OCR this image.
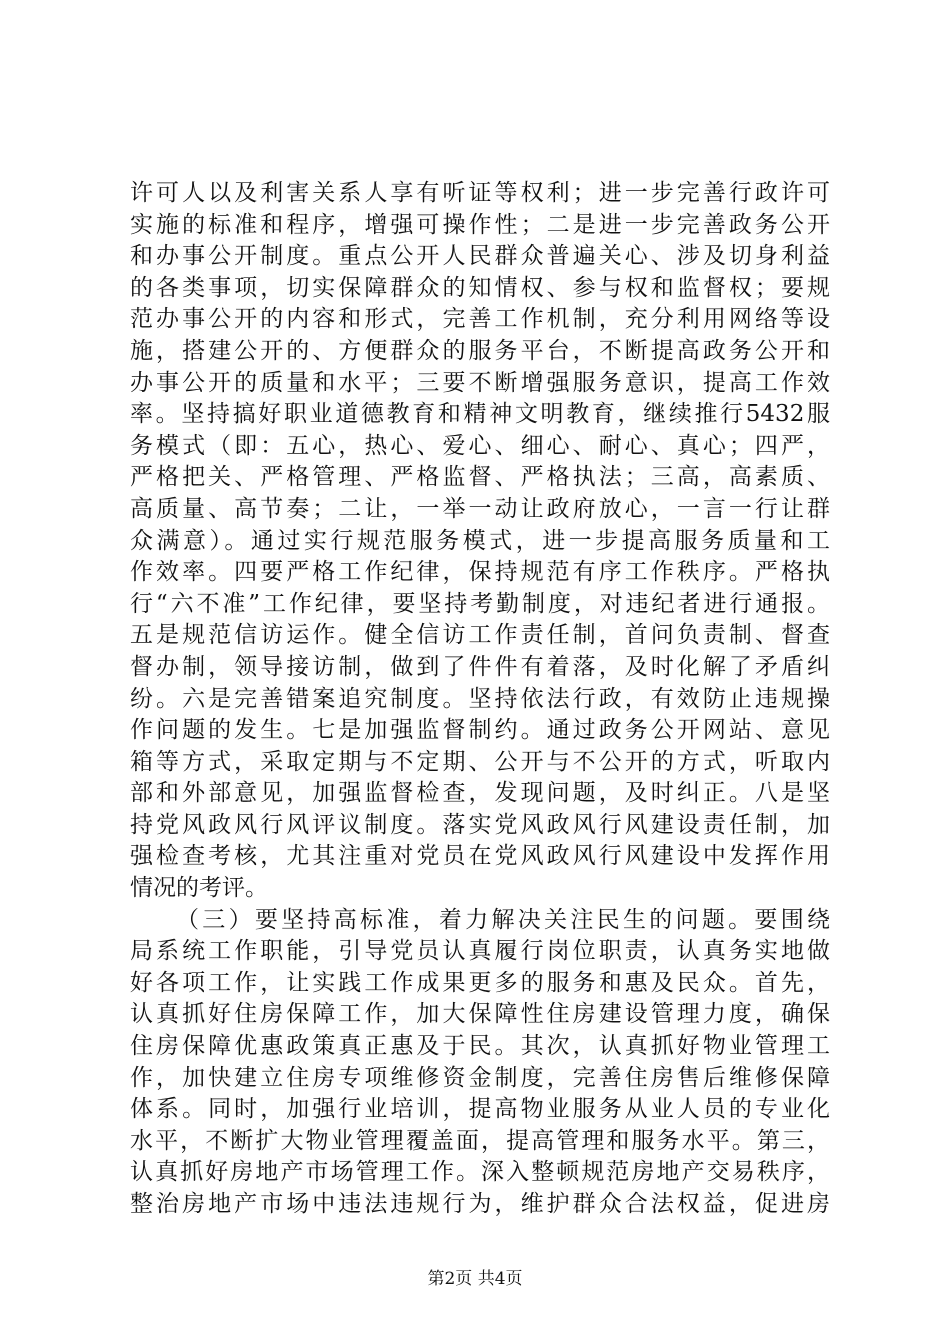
许可人以及利害关系人享有听证等权利；进一步完善行政许可
实施的标准和程序，增强可操作性；二是进一步完善政务公开
和办事公开制度。重点公开人民群众普遍关心、涉及切身利益
的各类事项，切实保障群众的知情权、参与权和监督权；要规
范办事公开的内容和形式，完善工作机制，充分利用网络等设
施，搭建公开的、方便群众的服务平台，不断提高政务公开和
办事公开的质量和水平；三要不断增强服务意识，提高工作效
率。坚持搞好职业道德教育和精神文明教育，继续推行5432服
务模式（即：五心，热心、爱心、细心、耐心、真心；四严，
严格把关、严格管理、严格监督、严格执法；三高，高素质、
高质量、高节奏；二让，一举一动让政府放心，一言一行让群
众满意）。通过实行规范服务模式，进一步提高服务质量和工
作效率。四要严格工作纪律，保持规范有序工作秩序。严格执
行“六不准”工作纪律，要坚持考勤制度，对违纪者进行通报。
五是规范信访运作。健全信访工作责任制，首问负责制、督查
督办制，领导接访制，做到了件件有着落，及时化解了矛盾纠
纷。六是完善错案追究制度。坚持依法行政，有效防止违规操
作问题的发生。七是加强监督制约。通过政务公开网站、意见
箱等方式，采取定期与不定期、公开与不公开的方式，听取内
部和外部意见，加强监督检查，发现问题，及时纠正。八是坚
持党风政风行风评议制度。落实党风政风行风建设责任制，加
强检查考核，尤其注重对党员在党风政风行风建设中发挥作用
情况的考评。
（三）要坚持高标准，着力解决关注民生的问题。要围绕
局系统工作职能，引导党员认真履行岗位职责，认真务实地做
好各项工作，让实践工作成果更多的服务和惠及民众。首先，
认真抓好住房保障工作，加大保障性住房建设管理力度，确保
住房保障优惠政策真正惠及于民。其次，认真抓好物业管理工
作，加快建立住房专项维修资金制度，完善住房售后维修保障
体系。同时，加强行业培训，提高物业服务从业人员的专业化
水平，不断扩大物业管理覆盖面，提高管理和服务水平。第三，
认真抓好房地产市场管理工作。深入整顿规范房地产交易秩序，
整治房地产市场中违法违规行为，维护群众合法权益，促进房
第2页 共4页
